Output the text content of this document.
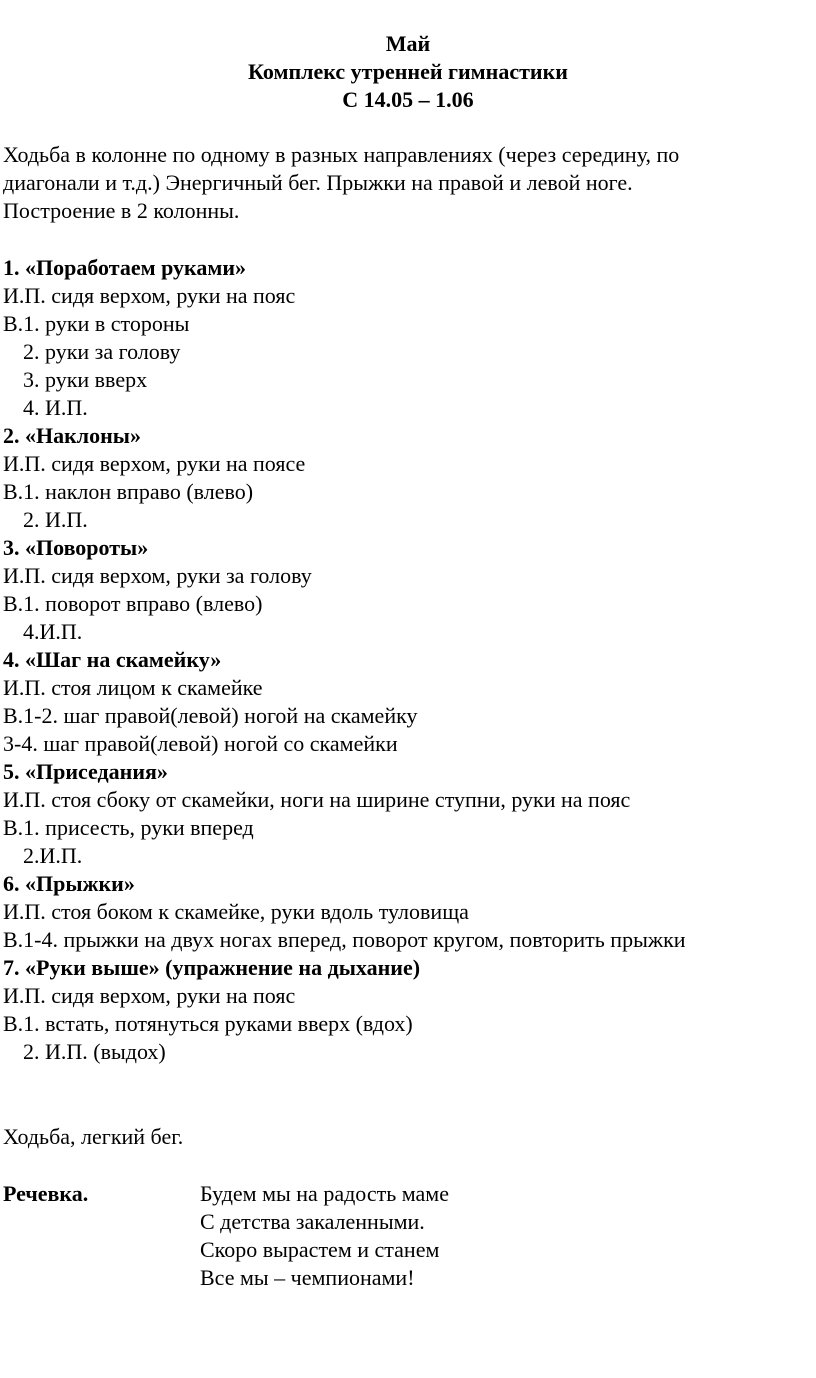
Май
Комплекс утренней гимнастики
С 14.05 – 1.06
Ходьба в колонне по одному в разных направлениях (через середину, по
диагонали и т.д.) Энергичный бег. Прыжки на правой и левой ноге.
Построение в 2 колонны.
1. «Поработаем руками»
И.П. сидя верхом, руки на пояс
В.1. руки в стороны
2. руки за голову
3. руки вверх
4. И.П.
2. «Наклоны»
И.П. сидя верхом, руки на поясе
В.1. наклон вправо (влево)
2. И.П.
3. «Повороты»
И.П. сидя верхом, руки за голову
В.1. поворот вправо (влево)
4.И.П.
4. «Шаг на скамейку»
И.П. стоя лицом к скамейке
В.1-2. шаг правой(левой) ногой на скамейку
3-4. шаг правой(левой) ногой со скамейки
5. «Приседания»
И.П. стоя сбоку от скамейки, ноги на ширине ступни, руки на пояс
В.1. присесть, руки вперед
2.И.П.
6. «Прыжки»
И.П. стоя боком к скамейке, руки вдоль туловища
В.1-4. прыжки на двух ногах вперед, поворот кругом, повторить прыжки
7. «Руки выше» (упражнение на дыхание)
И.П. сидя верхом, руки на пояс
В.1. встать, потянуться руками вверх (вдох)
2. И.П. (выдох)
Ходьба, легкий бег.
Речевка.	Будем мы на радость маме
С детства закаленными.
Скоро вырастем и станем
Все мы – чемпионами!
